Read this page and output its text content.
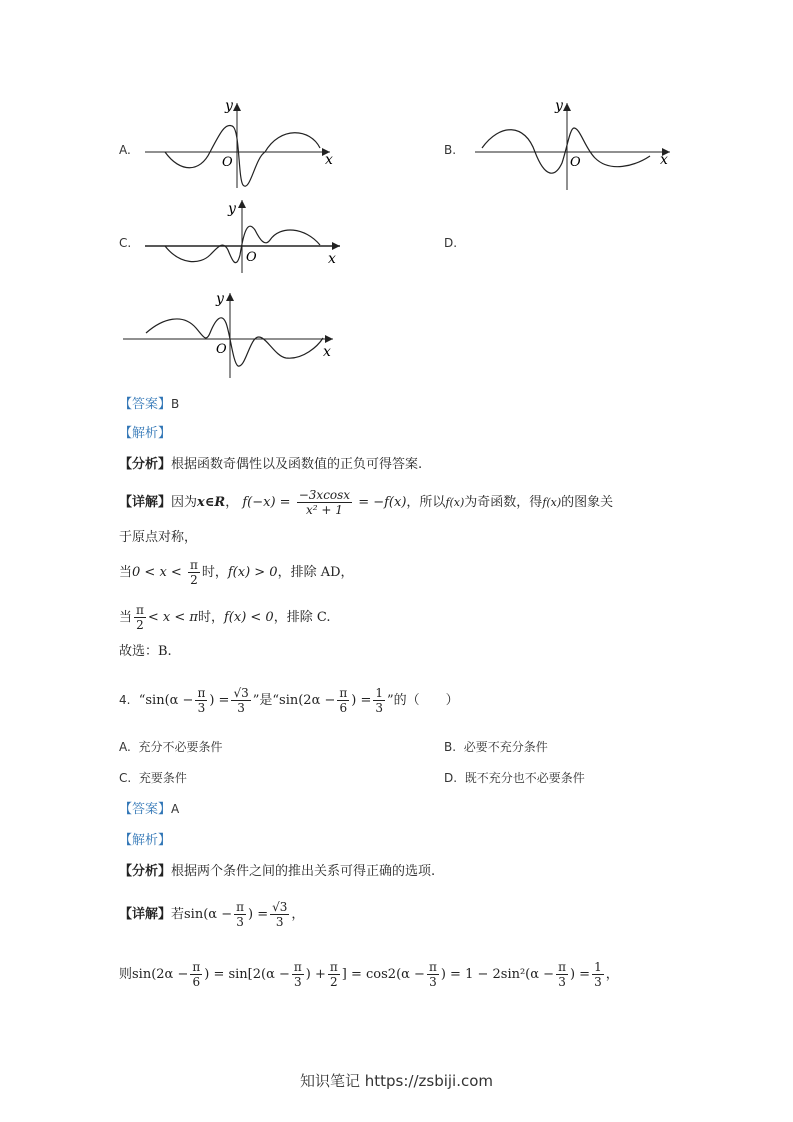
A.
y
x
O
B.
y
x
O
C.
y
x
O
D.
y
x
O
【答案】B
【解析】
【分析】根据函数奇偶性以及函数值的正负可得答案.
【详解】因为x∈R， $f(-x) = \frac{-3xcosx}{\text{x² + 1}} = -f(x)$，所以f(x)为奇函数，得f(x)的图象关
于原点对称，
当$0 < x < \frac{\pi}{2}$ 时，f(x) > 0，排除 AD，
当 $\frac{\pi}{2} < x < \pi$时，f(x) < 0，排除 C.
故选：B.
4. “$\sin(\alpha - \frac{\pi}{3}$ ) = $\frac{√3}{3}$ ”是“$\sin(2\alpha - \frac{\pi}{6}$ ) = $\frac{1}{3}$ ”的（　　）
A. 充分不必要条件	B. 必要不充分条件
C. 充要条件	D. 既不充分也不必要条件
【答案】A
【解析】
【分析】根据两个条件之间的推出关系可得正确的选项.
【详解】若$\sin(\alpha - \frac{\pi}{3}$ ) = $\frac{√3}{3}$ ，
则$\sin(2\alpha - \frac{\pi}{6}$ ) = $\sin[2(\alpha - \frac{\pi}{3}$ ) + $\frac{\pi}{2}$ ] = $\cos 2(\alpha - \frac{\pi}{3}$ ) = $1 - 2\sin^2(\alpha - \frac{\pi}{3}$ ) = $\frac{1}{3}$ ，
知识笔记 https://zsbiji.com
